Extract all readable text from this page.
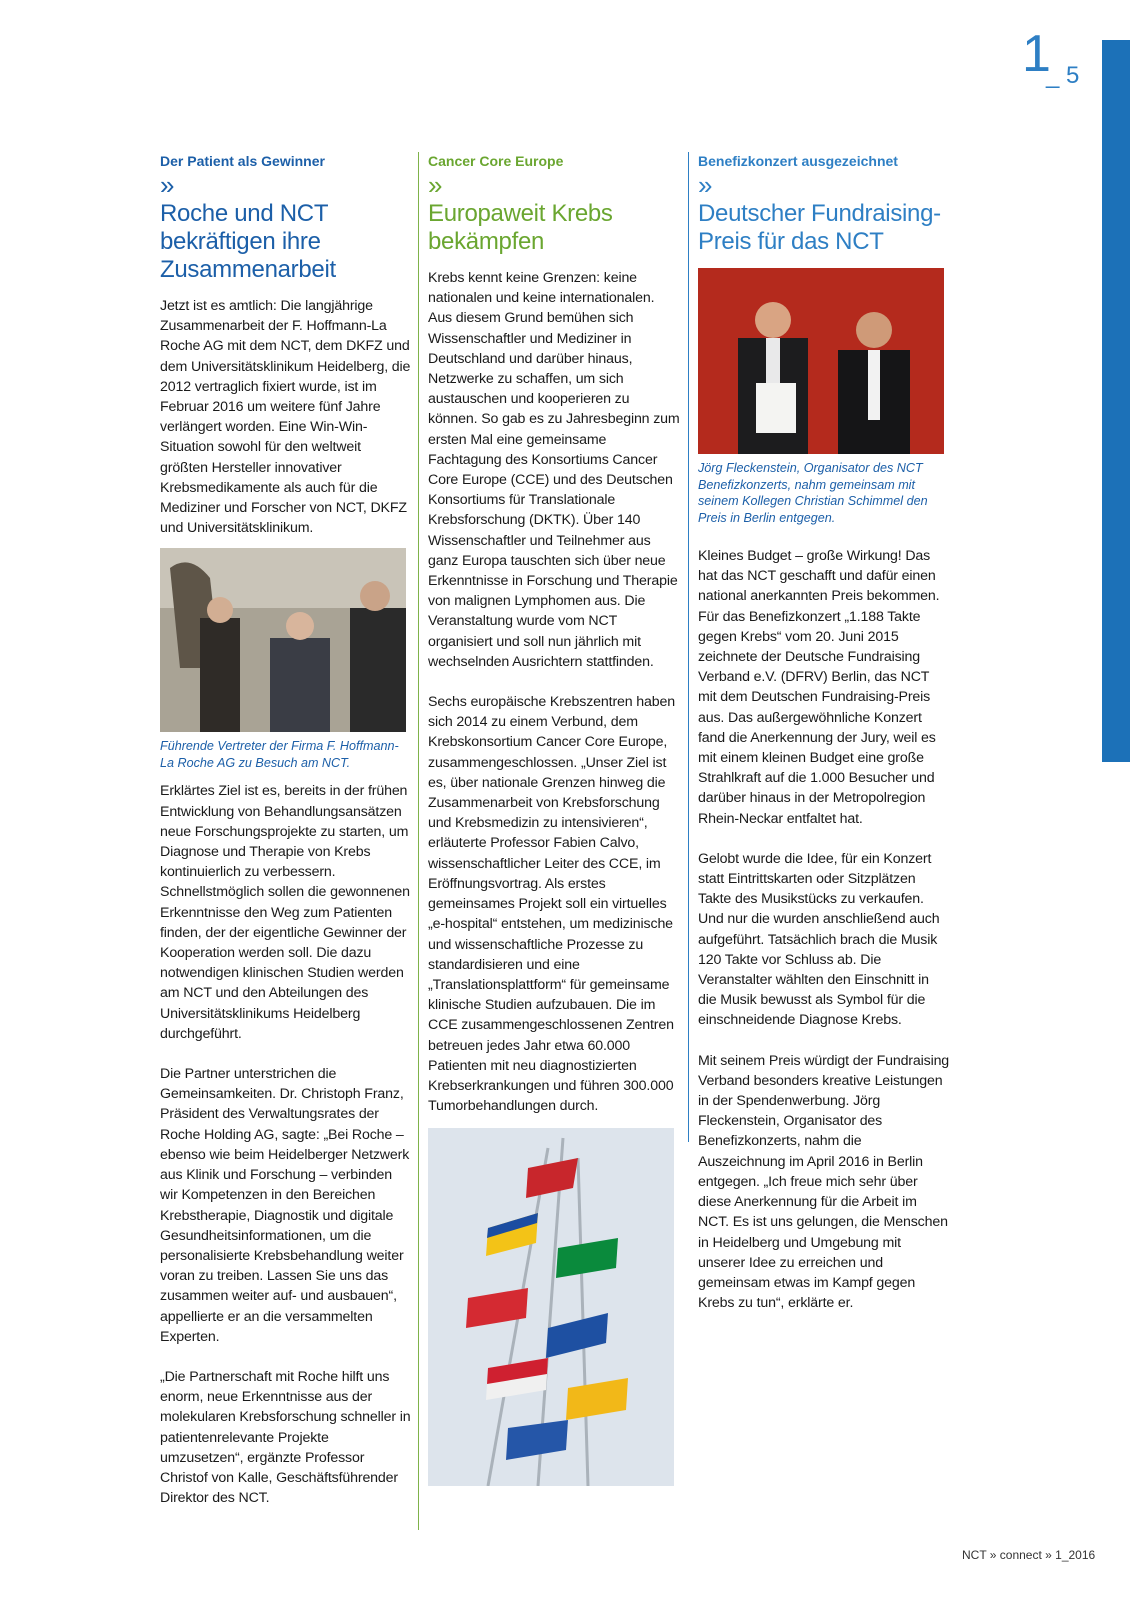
1
_ 5

Der Patient als Gewinner

»
Roche und NCT
bekräftigen ihre
Zusammenarbeit

Jetzt ist es amtlich: Die langjährige Zusammenarbeit der F. Hoffmann-La Roche AG mit dem NCT, dem DKFZ und dem Universitätsklinikum Heidelberg, die 2012 vertraglich fixiert wurde, ist im Februar 2016 um weitere fünf Jahre verlängert worden. Eine Win-Win-Situation sowohl für den weltweit größten Hersteller innovativer Krebsmedikamente als auch für die Mediziner und Forscher von NCT, DKFZ und Universitätsklinikum.

Führende Vertreter der Firma F. Hoffmann-La Roche AG zu Besuch am NCT.

Erklärtes Ziel ist es, bereits in der frühen Entwicklung von Behandlungsansätzen neue Forschungsprojekte zu starten, um Diagnose und Therapie von Krebs kontinuierlich zu verbessern. Schnellstmöglich sollen die gewonnenen Erkenntnisse den Weg zum Patienten finden, der der eigentliche Gewinner der Kooperation werden soll. Die dazu notwendigen klinischen Studien werden am NCT und den Abteilungen des Universitätsklinikums Heidelberg durchgeführt.

Die Partner unterstrichen die Gemeinsamkeiten. Dr. Christoph Franz, Präsident des Verwaltungsrates der Roche Holding AG, sagte: „Bei Roche – ebenso wie beim Heidelberger Netzwerk aus Klinik und Forschung – verbinden wir Kompetenzen in den Bereichen Krebstherapie, Diagnostik und digitale Gesundheitsinformationen, um die personalisierte Krebsbehandlung weiter voran zu treiben. Lassen Sie uns das zusammen weiter auf- und ausbauen“, appellierte er an die versammelten Experten.

„Die Partnerschaft mit Roche hilft uns enorm, neue Erkenntnisse aus der molekularen Krebsforschung schneller in patientenrelevante Projekte umzusetzen“, ergänzte Professor Christof von Kalle, Geschäftsführender Direktor des NCT.

Cancer Core Europe

»
Europaweit Krebs
bekämpfen

Krebs kennt keine Grenzen: keine nationalen und keine internationalen. Aus diesem Grund bemühen sich Wissenschaftler und Mediziner in Deutschland und darüber hinaus, Netzwerke zu schaffen, um sich austauschen und kooperieren zu können. So gab es zu Jahresbeginn zum ersten Mal eine gemeinsame Fachtagung des Konsortiums Cancer Core Europe (CCE) und des Deutschen Konsortiums für Translationale Krebsforschung (DKTK). Über 140 Wissenschaftler und Teilnehmer aus ganz Europa tauschten sich über neue Erkenntnisse in Forschung und Therapie von malignen Lymphomen aus. Die Veranstaltung wurde vom NCT organisiert und soll nun jährlich mit wechselnden Ausrichtern stattfinden.

Sechs europäische Krebszentren haben sich 2014 zu einem Verbund, dem Krebskonsortium Cancer Core Europe, zusammengeschlossen. „Unser Ziel ist es, über nationale Grenzen hinweg die Zusammenarbeit von Krebsforschung und Krebsmedizin zu intensivieren“, erläuterte Professor Fabien Calvo, wissenschaftlicher Leiter des CCE, im Eröffnungsvortrag. Als erstes gemeinsames Projekt soll ein virtuelles „e-hospital“ entstehen, um medizinische und wissenschaftliche Prozesse zu standardisieren und eine „Translationsplattform“ für gemeinsame klinische Studien aufzubauen. Die im CCE zusammengeschlossenen Zentren betreuen jedes Jahr etwa 60.000 Patienten mit neu diagnostizierten Krebserkrankungen und führen 300.000 Tumorbehandlungen durch.

Benefizkonzert ausgezeichnet

»
Deutscher Fundraising-
Preis für das NCT

Jörg Fleckenstein, Organisator des NCT Benefizkonzerts, nahm gemeinsam mit seinem Kollegen Christian Schimmel den Preis in Berlin entgegen.

Kleines Budget – große Wirkung! Das hat das NCT geschafft und dafür einen national anerkannten Preis bekommen. Für das Benefizkonzert „1.188 Takte gegen Krebs“ vom 20. Juni 2015 zeichnete der Deutsche Fundraising Verband e.V. (DFRV) Berlin, das NCT mit dem Deutschen Fundraising-Preis aus. Das außergewöhnliche Konzert fand die Anerkennung der Jury, weil es mit einem kleinen Budget eine große Strahlkraft auf die 1.000 Besucher und darüber hinaus in der Metropolregion Rhein-Neckar entfaltet hat.

Gelobt wurde die Idee, für ein Konzert statt Eintrittskarten oder Sitzplätzen Takte des Musikstücks zu verkaufen. Und nur die wurden anschließend auch aufgeführt. Tatsächlich brach die Musik 120 Takte vor Schluss ab. Die Veranstalter wählten den Einschnitt in die Musik bewusst als Symbol für die einschneidende Diagnose Krebs.

Mit seinem Preis würdigt der Fundraising Verband besonders kreative Leistungen in der Spendenwerbung. Jörg Fleckenstein, Organisator des Benefizkonzerts, nahm die Auszeichnung im April 2016 in Berlin entgegen. „Ich freue mich sehr über diese Anerkennung für die Arbeit im NCT. Es ist uns gelungen, die Menschen in Heidelberg und Umgebung mit unserer Idee zu erreichen und gemeinsam etwas im Kampf gegen Krebs zu tun“, erklärte er.

NCT » connect » 1_2016
